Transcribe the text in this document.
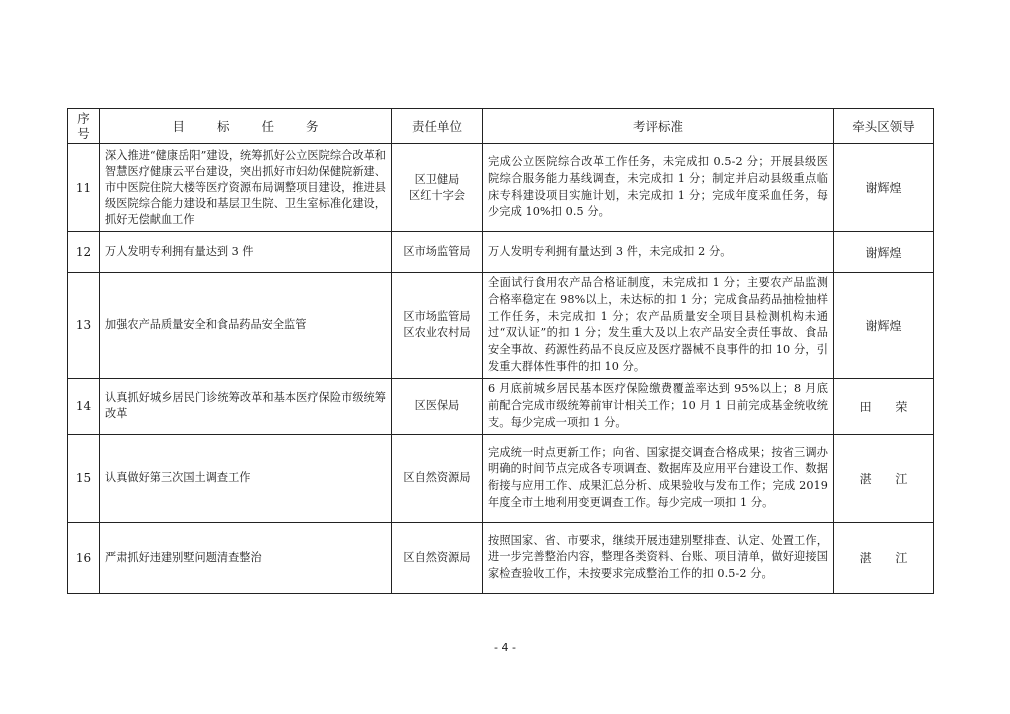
序
号	目 标 任 务	责任单位	考评标准	牵头区领导
11	深入推进“健康岳阳”建设，统筹抓好公立医院综合改革和智慧医疗健康云平台建设，突出抓好市妇幼保健院新建、市中医院住院大楼等医疗资源布局调整项目建设，推进县级医院综合能力建设和基层卫生院、卫生室标准化建设，抓好无偿献血工作	区卫健局
区红十字会	完成公立医院综合改革工作任务，未完成扣 0.5-2 分；开展县级医院综合服务能力基线调查，未完成扣 1 分；制定并启动县级重点临床专科建设项目实施计划，未完成扣 1 分；完成年度采血任务，每少完成 10%扣 0.5 分。	谢辉煌
12	万人发明专利拥有量达到 3 件	区市场监管局	万人发明专利拥有量达到 3 件，未完成扣 2 分。	谢辉煌
13	加强农产品质量安全和食品药品安全监管	区市场监管局
区农业农村局	全面试行食用农产品合格证制度，未完成扣 1 分；主要农产品监测合格率稳定在 98%以上，未达标的扣 1 分；完成食品药品抽检抽样工作任务，未完成扣 1 分；农产品质量安全项目县检测机构未通过“双认证”的扣 1 分；发生重大及以上农产品安全责任事故、食品安全事故、药源性药品不良反应及医疗器械不良事件的扣 10 分，引发重大群体性事件的扣 10 分。	谢辉煌
14	认真抓好城乡居民门诊统筹改革和基本医疗保险市级统筹改革	区医保局	6 月底前城乡居民基本医疗保险缴费覆盖率达到 95%以上；8 月底前配合完成市级统筹前审计相关工作；10 月 1 日前完成基金统收统支。每少完成一项扣 1 分。	田 荣
15	认真做好第三次国土调查工作	区自然资源局	完成统一时点更新工作；向省、国家提交调查合格成果；按省三调办明确的时间节点完成各专项调查、数据库及应用平台建设工作、数据衔接与应用工作、成果汇总分析、成果验收与发布工作；完成 2019 年度全市土地利用变更调查工作。每少完成一项扣 1 分。	湛 江
16	严肃抓好违建别墅问题清查整治	区自然资源局	按照国家、省、市要求，继续开展违建别墅排查、认定、处置工作，进一步完善整治内容，整理各类资料、台账、项目清单，做好迎接国家检查验收工作，未按要求完成整治工作的扣 0.5-2 分。	湛 江
- 4 -
